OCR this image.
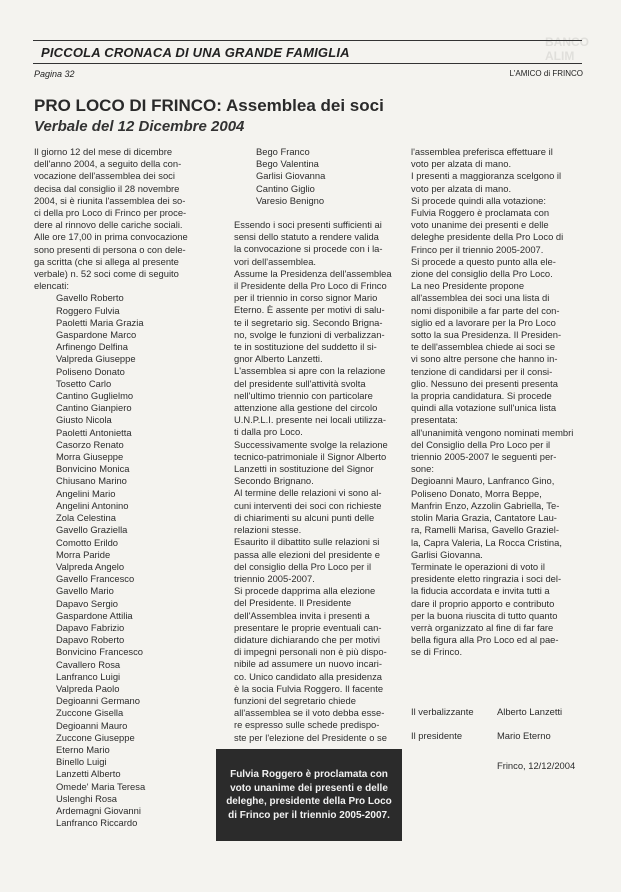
BANCO ALIM
PICCOLA CRONACA DI UNA GRANDE FAMIGLIA
Pagina 32	L'AMICO di FRINCO
PRO LOCO DI FRINCO: Assemblea dei soci
Verbale del 12 Dicembre 2004

Il giorno 12 del mese di dicembre

dell'anno 2004, a seguito della con-

vocazione dell'assemblea dei soci

decisa dal consiglio il 28 novembre

2004, si è riunita l'assemblea dei so-

ci della pro Loco di Frinco per proce-

dere al rinnovo delle cariche sociali.

Alle ore 17,00 in prima convocazione

sono presenti di persona o con dele-

ga scritta (che si allega al presente

verbale) n. 52 soci come di seguito

elencati:

Gavello Roberto

Roggero Fulvia

Paoletti Maria Grazia

Gaspardone Marco

Arfinengo Delfina

Valpreda Giuseppe

Poliseno Donato

Tosetto Carlo

Cantino Guglielmo

Cantino Gianpiero

Giusto Nicola

Paoletti Antonietta

Casorzo Renato

Morra Giuseppe

Bonvicino Monica

Chiusano Marino

Angelini Mario

Angelini Antonino

Zola Celestina

Gavello Graziella

Comotto Erildo

Morra Paride

Valpreda Angelo

Gavello Francesco

Gavello Mario

Dapavo Sergio

Gaspardone Attilia

Dapavo Fabrizio

Dapavo Roberto

Bonvicino Francesco

Cavallero Rosa

Lanfranco Luigi

Valpreda Paolo

Degioanni Germano

Zuccone Gisella

Degioanni Mauro

Zuccone Giuseppe

Eterno Mario

Binello Luigi

Lanzetti Alberto

Omede' Maria Teresa

Uslenghi Rosa

Ardemagni Giovanni

Lanfranco Riccardo

Bego Franco

Bego Valentina

Garlisi Giovanna

Cantino Giglio

Varesio Benigno

Essendo i soci presenti sufficienti ai

sensi dello statuto a rendere valida

la convocazione si procede con i la-

vori dell'assemblea.

Assume la Presidenza dell'assemblea

il Presidente della Pro Loco di Frinco

per il triennio in corso signor Mario

Eterno. È assente per motivi di salu-

te il segretario sig. Secondo Brigna-

no, svolge le funzioni di verbalizzan-

te in sostituzione del suddetto il si-

gnor Alberto Lanzetti.

L'assemblea si apre con la relazione

del presidente sull'attività svolta

nell'ultimo triennio con particolare

attenzione alla gestione del circolo

U.N.P.L.I. presente nei locali utilizza-

ti dalla pro Loco.

Successivamente svolge la relazione

tecnico-patrimoniale il Signor Alberto

Lanzetti in sostituzione del Signor

Secondo Brignano.

Al termine delle relazioni vi sono al-

cuni interventi dei soci con richieste

di chiarimenti su alcuni punti delle

relazioni stesse.

Esaurito il dibattito sulle relazioni si

passa alle elezioni del presidente e

del consiglio della Pro Loco per il

triennio 2005-2007.

Si procede dapprima alla elezione

del Presidente. Il Presidente

dell'Assemblea invita i presenti a

presentare le proprie eventuali can-

didature dichiarando che per motivi

di impegni personali non è più dispo-

nibile ad assumere un nuovo incari-

co. Unico candidato alla presidenza

è la socia Fulvia Roggero. Il facente

funzioni del segretario chiede

all'assemblea se il voto debba esse-

re espresso sulle schede predispo-

ste per l'elezione del Presidente o se

l'assemblea preferisca effettuare il

voto per alzata di mano.

I presenti a maggioranza scelgono il

voto per alzata di mano.

Si procede quindi alla votazione:

Fulvia Roggero è proclamata con

voto unanime dei presenti e delle

deleghe presidente della Pro Loco di

Frinco per il triennio 2005-2007.

Si procede a questo punto alla ele-

zione del consiglio della Pro Loco.

La neo Presidente propone

all'assemblea dei soci una lista di

nomi disponibile a far parte del con-

siglio ed a lavorare per la Pro Loco

sotto la sua Presidenza. Il Presiden-

te dell'assemblea chiede ai soci se

vi sono altre persone che hanno in-

tenzione di candidarsi per il consi-

glio. Nessuno dei presenti presenta

la propria candidatura. Si procede

quindi alla votazione sull'unica lista

presentata:

all'unanimità vengono nominati membri

del Consiglio della Pro Loco per il

triennio 2005-2007 le seguenti per-

sone:

Degioanni Mauro, Lanfranco Gino,

Poliseno Donato, Morra Beppe,

Manfrin Enzo, Azzolin Gabriella, Te-

stolin Maria Grazia, Cantatore Lau-

ra, Ramelli Marisa, Gavello Graziel-

la, Capra Valeria, La Rocca Cristina,

Garlisi Giovanna.

Terminate le operazioni di voto il

presidente eletto ringrazia i soci del-

la fiducia accordata e invita tutti a

dare il proprio apporto e contributo

per la buona riuscita di tutto quanto

verrà organizzato al fine di far fare

bella figura alla Pro Loco ed al pae-

se di Frinco.

Il verbalizzante Alberto Lanzetti
Il presidente	Mario Eterno
Frinco, 12/12/2004
Fulvia Roggero è proclamata con voto unanime dei presenti e delle deleghe, presidente della Pro Loco di Frinco per il triennio 2005-2007.
